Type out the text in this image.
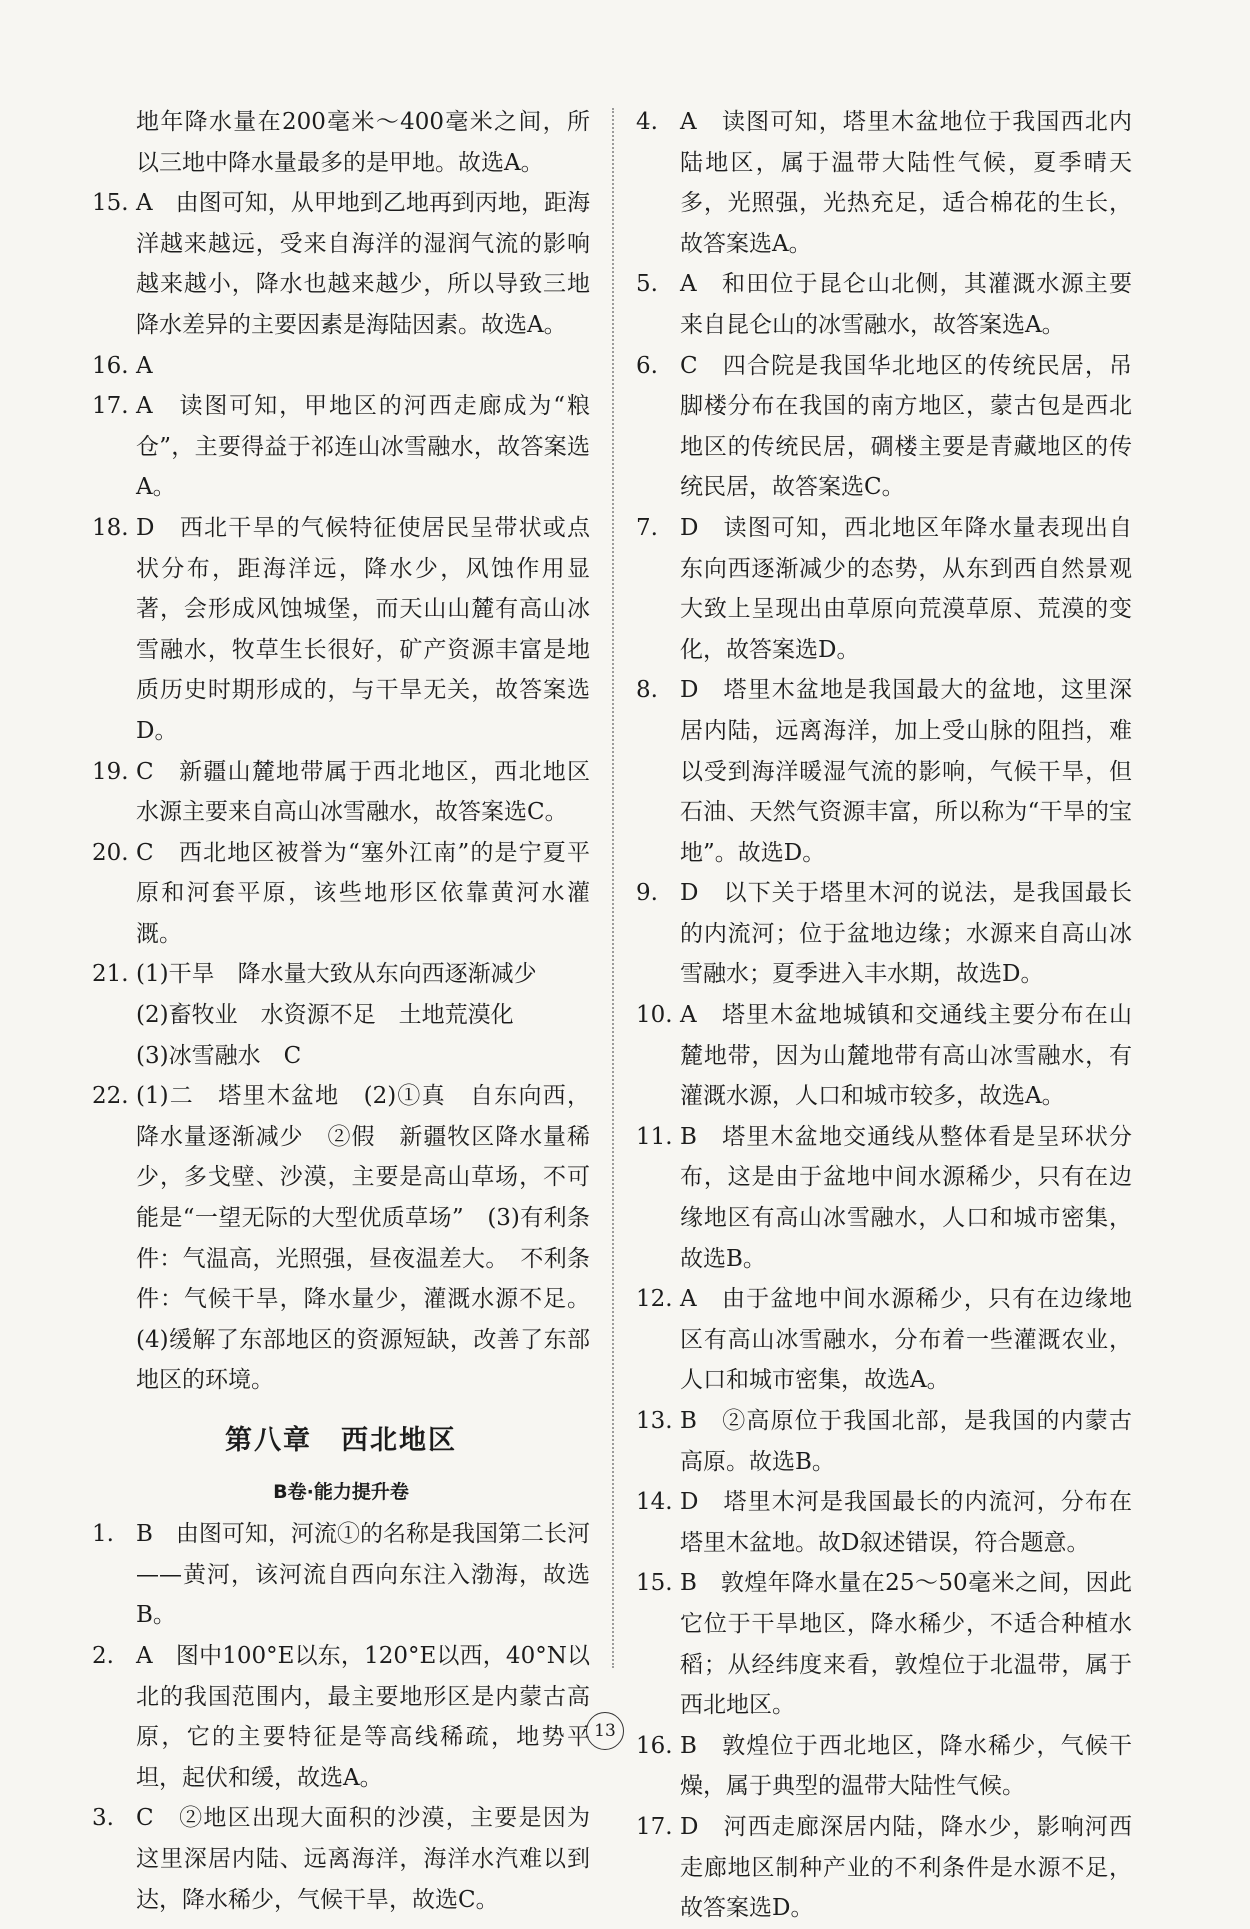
地年降水量在200毫米～400毫米之间，所以三地中降水量最多的是甲地。故选A。
15. A　由图可知，从甲地到乙地再到丙地，距海洋越来越远，受来自海洋的湿润气流的影响越来越小，降水也越来越少，所以导致三地降水差异的主要因素是海陆因素。故选A。
16. A
17. A　读图可知，甲地区的河西走廊成为“粮仓”，主要得益于祁连山冰雪融水，故答案选A。
18. D　西北干旱的气候特征使居民呈带状或点状分布，距海洋远，降水少，风蚀作用显著，会形成风蚀城堡，而天山山麓有高山冰雪融水，牧草生长很好，矿产资源丰富是地质历史时期形成的，与干旱无关，故答案选D。
19. C　新疆山麓地带属于西北地区，西北地区水源主要来自高山冰雪融水，故答案选C。
20. C　西北地区被誉为“塞外江南”的是宁夏平原和河套平原，该些地形区依靠黄河水灌溉。
21. (1)干旱　降水量大致从东向西逐渐减少
(2)畜牧业　水资源不足　土地荒漠化
(3)冰雪融水　C
22. (1)二　塔里木盆地　(2)①真　自东向西，降水量逐渐减少　②假　新疆牧区降水量稀少，多戈壁、沙漠，主要是高山草场，不可能是“一望无际的大型优质草场”　(3)有利条件：气温高，光照强，昼夜温差大。　不利条件：气候干旱，降水量少，灌溉水源不足。(4)缓解了东部地区的资源短缺，改善了东部地区的环境。
第八章　西北地区
B卷·能力提升卷
1. B　由图可知，河流①的名称是我国第二长河——黄河，该河流自西向东注入渤海，故选B。
2. A　图中100°E以东，120°E以西，40°N以北的我国范围内，最主要地形区是内蒙古高原，它的主要特征是等高线稀疏，地势平坦，起伏和缓，故选A。
3. C　②地区出现大面积的沙漠，主要是因为这里深居内陆、远离海洋，海洋水汽难以到达，降水稀少，气候干旱，故选C。
4. A　读图可知，塔里木盆地位于我国西北内陆地区，属于温带大陆性气候，夏季晴天多，光照强，光热充足，适合棉花的生长，故答案选A。
5. A　和田位于昆仑山北侧，其灌溉水源主要来自昆仑山的冰雪融水，故答案选A。
6. C　四合院是我国华北地区的传统民居，吊脚楼分布在我国的南方地区，蒙古包是西北地区的传统民居，碉楼主要是青藏地区的传统民居，故答案选C。
7. D　读图可知，西北地区年降水量表现出自东向西逐渐减少的态势，从东到西自然景观大致上呈现出由草原向荒漠草原、荒漠的变化，故答案选D。
8. D　塔里木盆地是我国最大的盆地，这里深居内陆，远离海洋，加上受山脉的阻挡，难以受到海洋暖湿气流的影响，气候干旱，但石油、天然气资源丰富，所以称为“干旱的宝地”。故选D。
9. D　以下关于塔里木河的说法，是我国最长的内流河；位于盆地边缘；水源来自高山冰雪融水；夏季进入丰水期，故选D。
10. A　塔里木盆地城镇和交通线主要分布在山麓地带，因为山麓地带有高山冰雪融水，有灌溉水源，人口和城市较多，故选A。
11. B　塔里木盆地交通线从整体看是呈环状分布，这是由于盆地中间水源稀少，只有在边缘地区有高山冰雪融水，人口和城市密集，故选B。
12. A　由于盆地中间水源稀少，只有在边缘地区有高山冰雪融水，分布着一些灌溉农业，人口和城市密集，故选A。
13. B　②高原位于我国北部，是我国的内蒙古高原。故选B。
14. D　塔里木河是我国最长的内流河，分布在塔里木盆地。故D叙述错误，符合题意。
15. B　敦煌年降水量在25～50毫米之间，因此它位于干旱地区，降水稀少，不适合种植水稻；从经纬度来看，敦煌位于北温带，属于西北地区。
16. B　敦煌位于西北地区，降水稀少，气候干燥，属于典型的温带大陆性气候。
17. D　河西走廊深居内陆，降水少，影响河西走廊地区制种产业的不利条件是水源不足，故答案选D。
13
